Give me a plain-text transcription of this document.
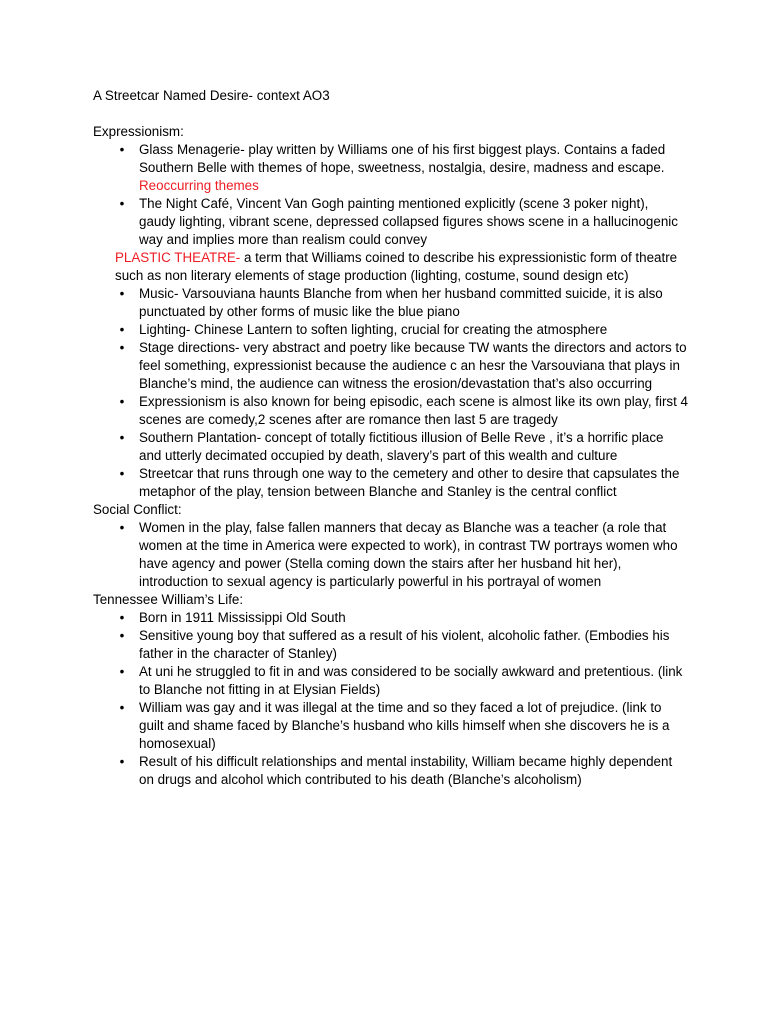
A Streetcar Named Desire- context AO3

Expressionism:

• Glass Menagerie- play written by Williams one of his first biggest plays. Contains a faded Southern Belle with themes of hope, sweetness, nostalgia, desire, madness and escape. Reoccurring themes
• The Night Café, Vincent Van Gogh painting mentioned explicitly (scene 3 poker night), gaudy lighting, vibrant scene, depressed collapsed figures shows scene in a hallucinogenic way and implies more than realism could convey

PLASTIC THEATRE- a term that Williams coined to describe his expressionistic form of theatre such as non literary elements of stage production (lighting, costume, sound design etc)

• Music- Varsouviana haunts Blanche from when her husband committed suicide, it is also punctuated by other forms of music like the blue piano
• Lighting- Chinese Lantern to soften lighting, crucial for creating the atmosphere
• Stage directions- very abstract and poetry like because TW wants the directors and actors to feel something, expressionist because the audience c an hesr the Varsouviana that plays in Blanche’s mind, the audience can witness the erosion/devastation that’s also occurring
• Expressionism is also known for being episodic, each scene is almost like its own play, first 4 scenes are comedy,2 scenes after are romance then last 5 are tragedy
• Southern Plantation- concept of totally fictitious illusion of Belle Reve , it’s a horrific place and utterly decimated occupied by death, slavery’s part of this wealth and culture
• Streetcar that runs through one way to the cemetery and other to desire that capsulates the metaphor of the play, tension between Blanche and Stanley is the central conflict

Social Conflict:

• Women in the play, false fallen manners that decay as Blanche was a teacher (a role that women at the time in America were expected to work), in contrast TW portrays women who have agency and power (Stella coming down the stairs after her husband hit her), introduction to sexual agency is particularly powerful in his portrayal of women

Tennessee William’s Life:

• Born in 1911 Mississippi Old South
• Sensitive young boy that suffered as a result of his violent, alcoholic father. (Embodies his father in the character of Stanley)
• At uni he struggled to fit in and was considered to be socially awkward and pretentious. (link to Blanche not fitting in at Elysian Fields)
• William was gay and it was illegal at the time and so they faced a lot of prejudice. (link to guilt and shame faced by Blanche’s husband who kills himself when she discovers he is a homosexual)
• Result of his difficult relationships and mental instability, William became highly dependent on drugs and alcohol which contributed to his death (Blanche’s alcoholism)
